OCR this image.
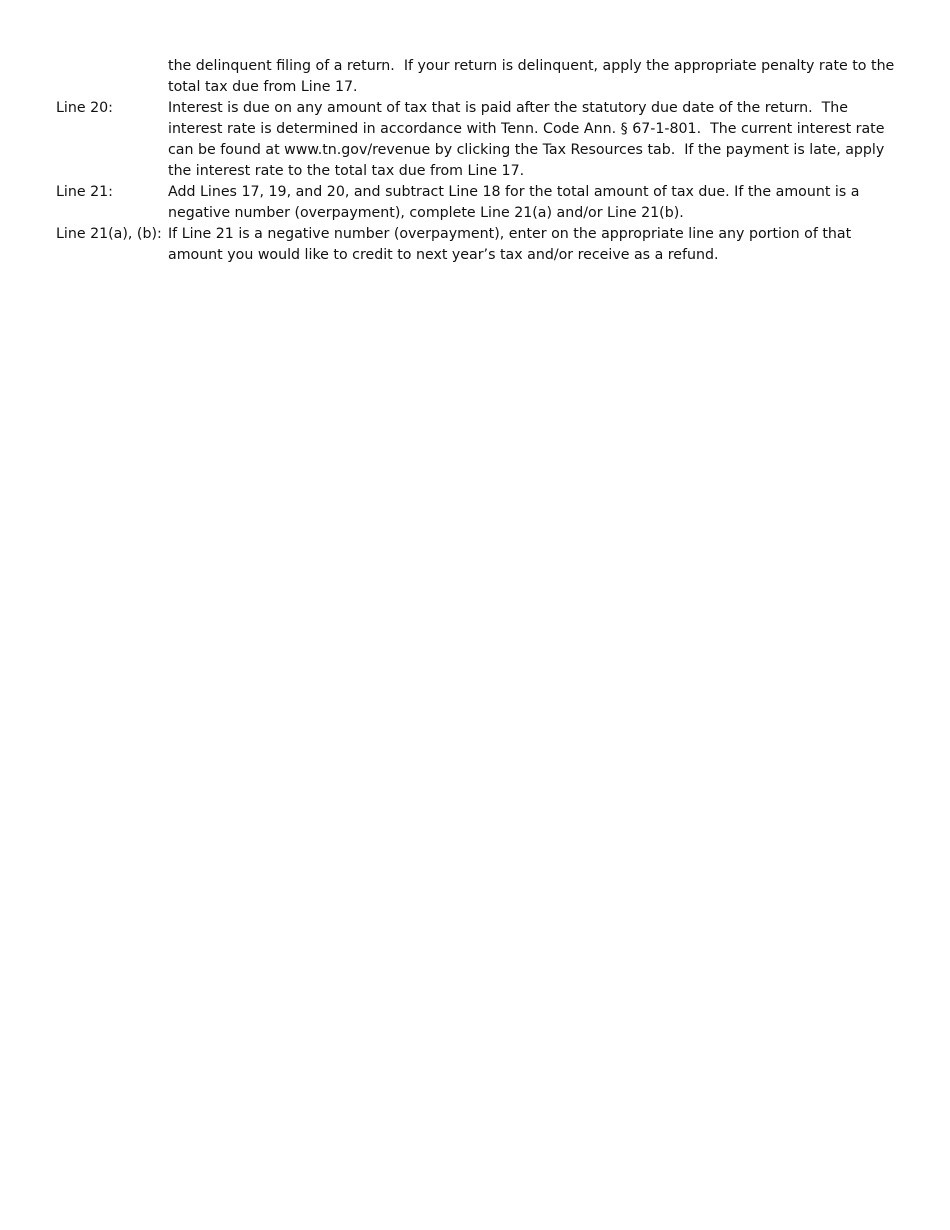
the delinquent filing of a return.  If your return is delinquent, apply the appropriate penalty rate to the total tax due from Line 17.
Line 20:	Interest is due on any amount of tax that is paid after the statutory due date of the return.  The interest rate is determined in accordance with Tenn. Code Ann. § 67-1-801.  The current interest rate can be found at www.tn.gov/revenue by clicking the Tax Resources tab.  If the payment is late, apply the interest rate to the total tax due from Line 17.
Line 21:	Add Lines 17, 19, and 20, and subtract Line 18 for the total amount of tax due. If the amount is a negative number (overpayment), complete Line 21(a) and/or Line 21(b).
Line 21(a), (b): If Line 21 is a negative number (overpayment), enter on the appropriate line any portion of that amount you would like to credit to next year’s tax and/or receive as a refund.
